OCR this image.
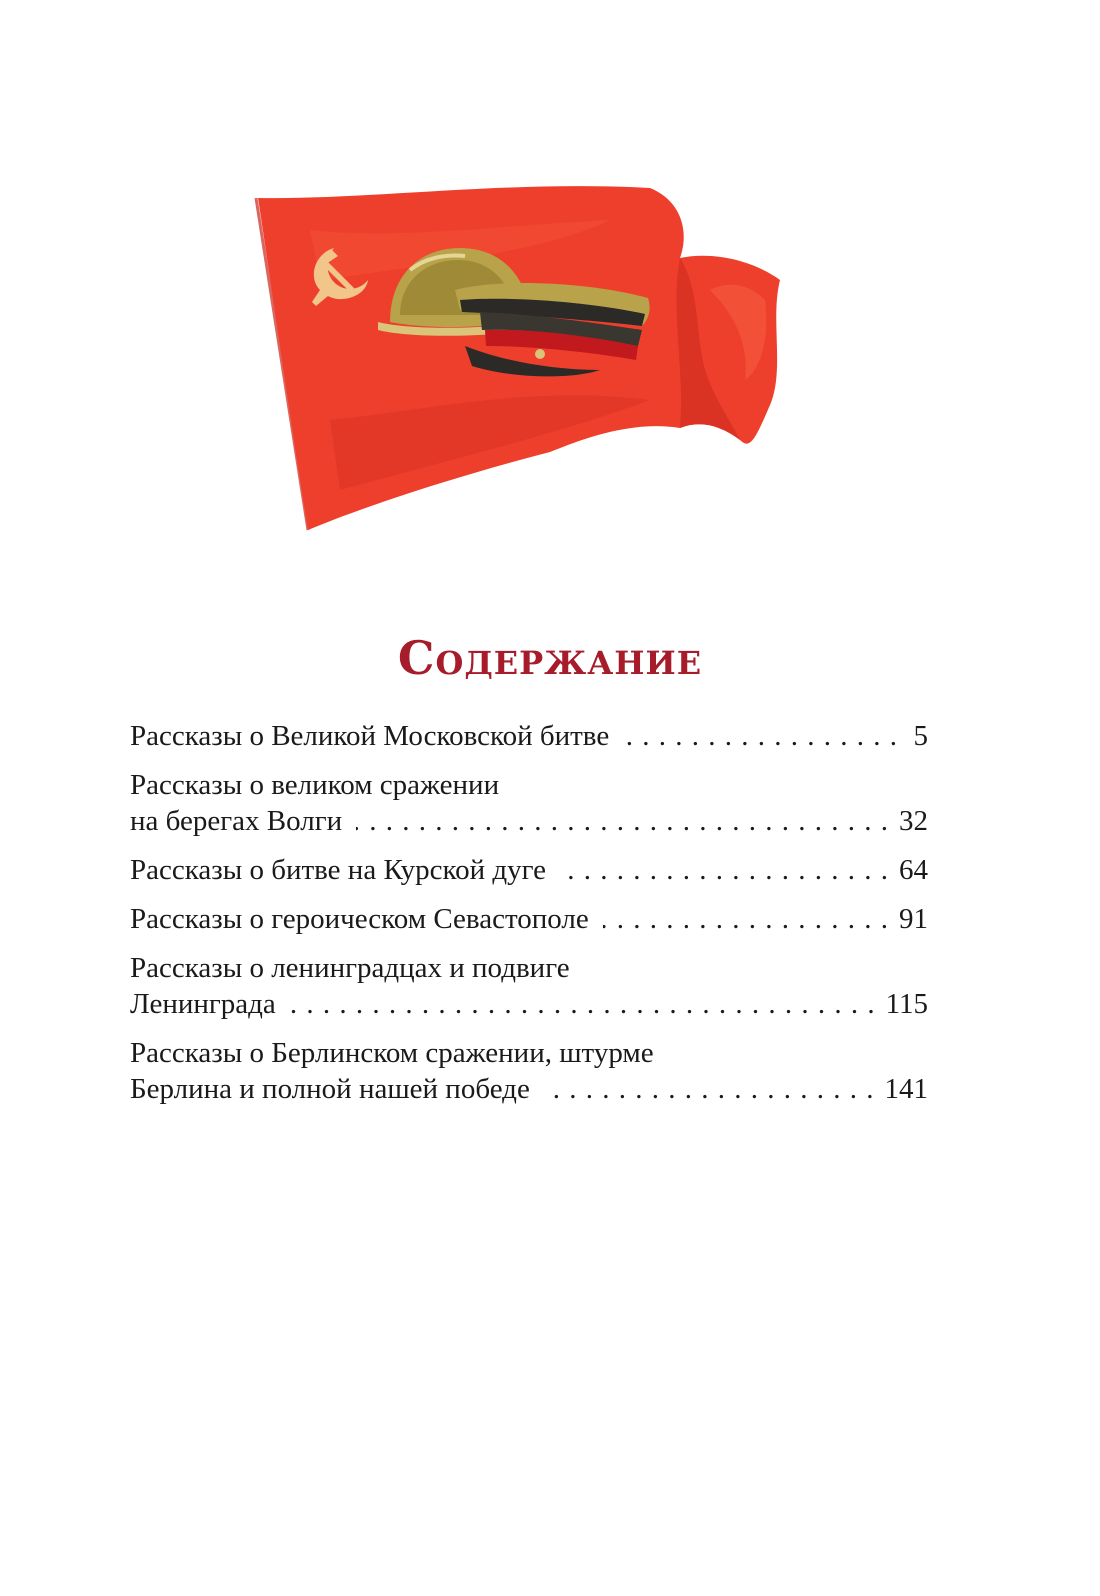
Содержание
Рассказы о Великой Московской битве . . .	5
Рассказы о великом сражении
на берегах Волги . . .	32
Рассказы о битве на Курской дуге . . .	64
Рассказы о героическом Севастополе . . .	91
Рассказы о ленинградцах и подвиге
Ленинграда . . .	115
Рассказы о Берлинском сражении, штурме
Берлина и полной нашей победе . . .	141
